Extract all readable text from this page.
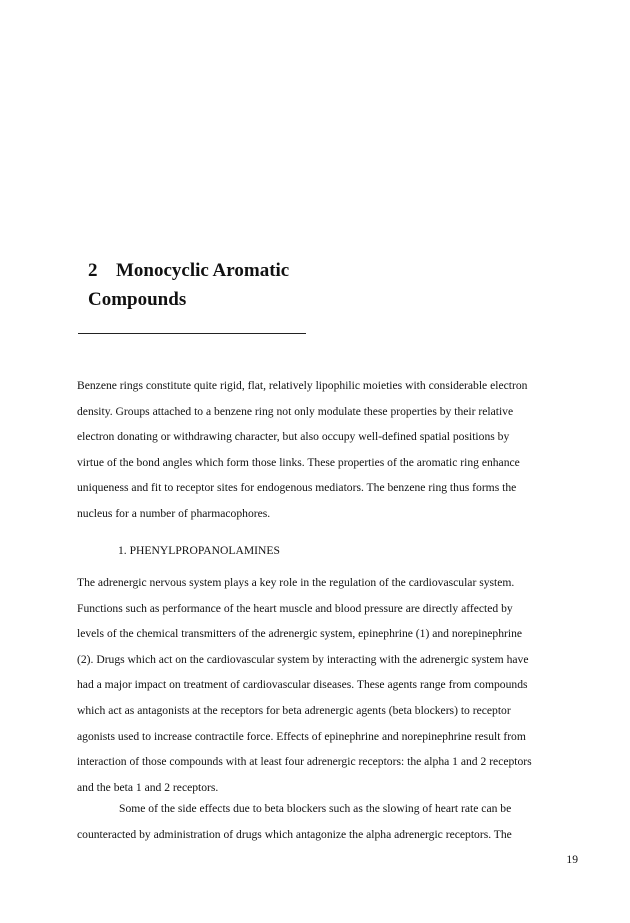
2 Monocyclic Aromatic
Compounds

Benzene rings constitute quite rigid, flat, relatively lipophilic moieties with considerable electron
density. Groups attached to a benzene ring not only modulate these properties by their relative
electron donating or withdrawing character, but also occupy well-defined spatial positions by
virtue of the bond angles which form those links. These properties of the aromatic ring enhance
uniqueness and fit to receptor sites for endogenous mediators. The benzene ring thus forms the
nucleus for a number of pharmacophores.

1. PHENYLPROPANOLAMINES

The adrenergic nervous system plays a key role in the regulation of the cardiovascular system.
Functions such as performance of the heart muscle and blood pressure are directly affected by
levels of the chemical transmitters of the adrenergic system, epinephrine (1) and norepinephrine
(2). Drugs which act on the cardiovascular system by interacting with the adrenergic system have
had a major impact on treatment of cardiovascular diseases. These agents range from compounds
which act as antagonists at the receptors for beta adrenergic agents (beta blockers) to receptor
agonists used to increase contractile force. Effects of epinephrine and norepinephrine result from
interaction of those compounds with at least four adrenergic receptors: the alpha 1 and 2 receptors
and the beta 1 and 2 receptors.

Some of the side effects due to beta blockers such as the slowing of heart rate can be
counteracted by administration of drugs which antagonize the alpha adrenergic receptors. The

19
